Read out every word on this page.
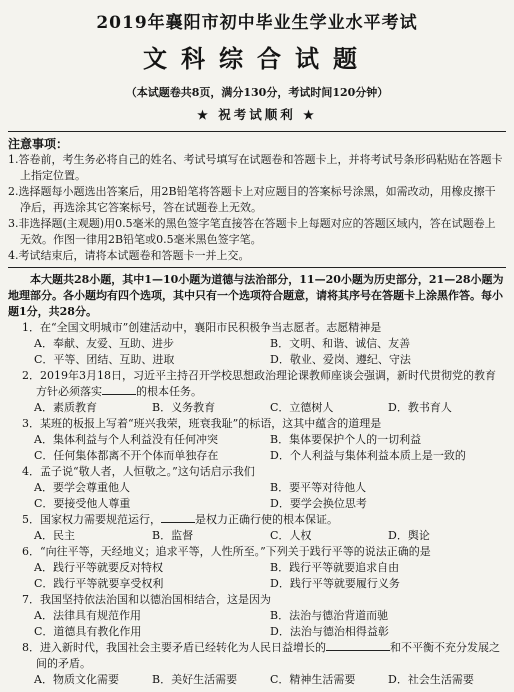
2019年襄阳市初中毕业生学业水平考试
文科综合试题
（本试题卷共8页，满分130分，考试时间120分钟）
★ 祝考试顺利 ★
注意事项：
1.答卷前，考生务必将自己的姓名、考试号填写在试题卷和答题卡上，并将考试号条形码粘贴在答题卡上指定位置。
2.选择题每小题选出答案后，用2B铅笔将答题卡上对应题目的答案标号涂黑，如需改动，用橡皮擦干净后，再选涂其它答案标号，答在试题卷上无效。
3.非选择题(主观题)用0.5毫米的黑色签字笔直接答在答题卡上每题对应的答题区域内，答在试题卷上无效。作图一律用2B铅笔或0.5毫米黑色签字笔。
4.考试结束后，请将本试题卷和答题卡一并上交。
本大题共28小题，其中1—10小题为道德与法治部分，11—20小题为历史部分，21—28小题为地理部分。各小题均有四个选项，其中只有一个选项符合题意，请将其序号在答题卡上涂黑作答。每小题1分，共28分。
1．在“全国文明城市”创建活动中，襄阳市民积极争当志愿者。志愿精神是
A．奉献、友爱、互助、进步	B．文明、和谐、诚信、友善
C．平等、团结、互助、进取	D．敬业、爱岗、遵纪、守法
2．2019年3月18日，习近平主持召开学校思想政治理论课教师座谈会强调，新时代贯彻党的教育方针必须落实	的根本任务。
A．素质教育	B．义务教育	C．立德树人	D．教书育人
3．某班的板报上写着“班兴我荣，班衰我耻”的标语，这其中蕴含的道理是
A．集体利益与个人利益没有任何冲突	B．集体要保护个人的一切利益
C．任何集体都离不开个体而单独存在	D．个人利益与集体利益本质上是一致的
4．孟子说“敬人者，人恒敬之。”这句话启示我们
A．要学会尊重他人	B．要平等对待他人
C．要接受他人尊重	D．要学会换位思考
5．国家权力需要规范运行，	是权力正确行使的根本保证。
A．民主	B．监督	C．人权	D．舆论
6．“向往平等，天经地义；追求平等，人性所至。”下列关于践行平等的说法正确的是
A．践行平等就要反对特权	B．践行平等就要追求自由
C．践行平等就要享受权利	D．践行平等就要履行义务
7．我国坚持依法治国和以德治国相结合，这是因为
A．法律具有规范作用	B．法治与德治背道而驰
C．道德具有教化作用	D．法治与德治相得益彰
8．进入新时代，我国社会主要矛盾已经转化为人民日益增长的	和不平衡不充分发展之间的矛盾。
A．物质文化需要	B．美好生活需要	C．精神生活需要	D．社会生活需要
